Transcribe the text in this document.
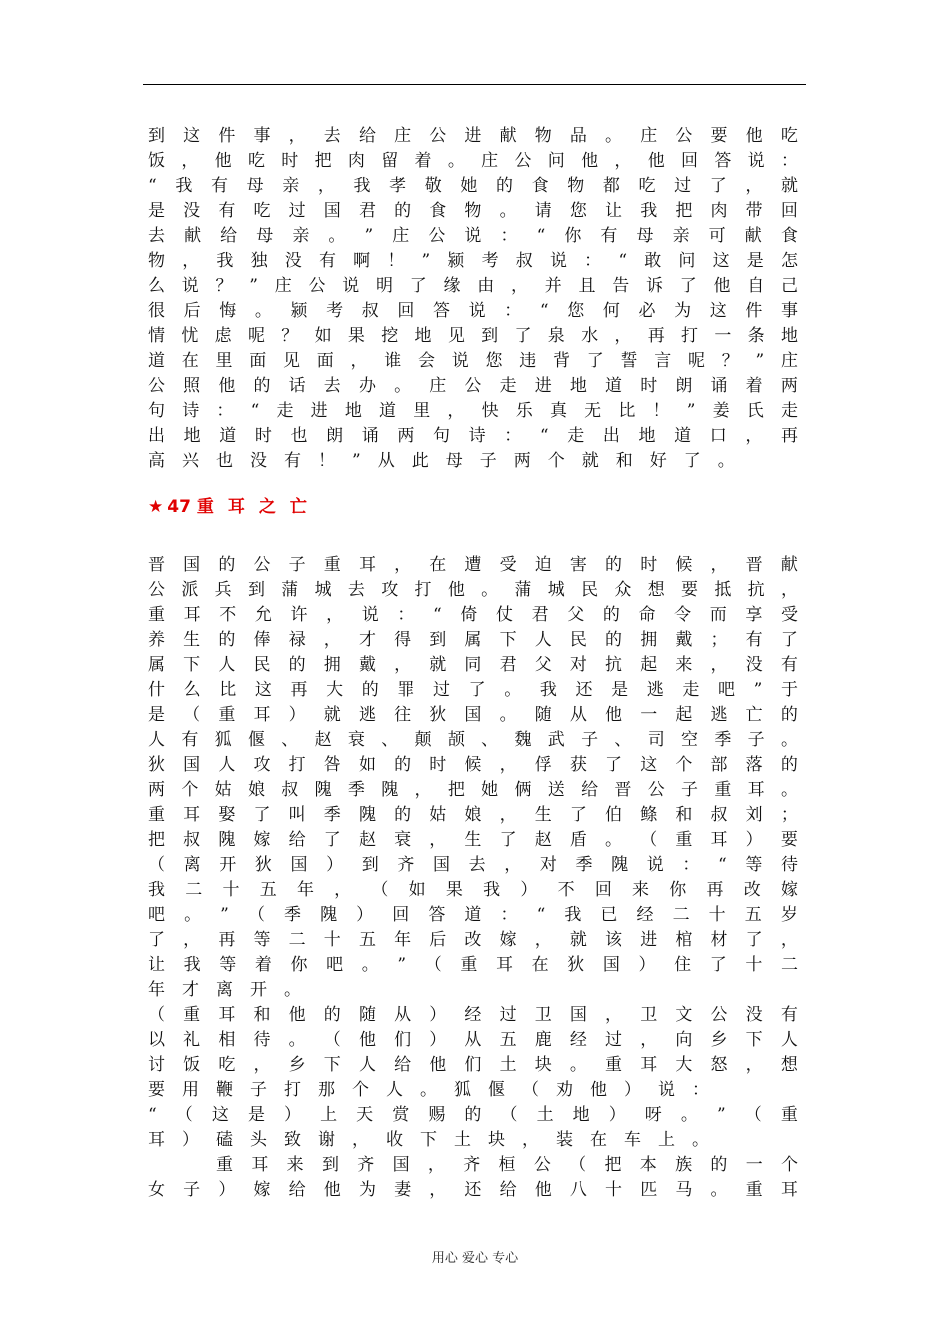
到 这 件 事 ， 去 给 庄 公 进 献 物 品 。 庄 公 要 他 吃
饭 ， 他 吃 时 把 肉 留 着 。 庄 公 问 他 ， 他 回 答 说 ：
“ 我 有 母 亲 ， 我 孝 敬 她 的 食 物 都 吃 过 了 ， 就
是 没 有 吃 过 国 君 的 食 物 。 请 您 让 我 把 肉 带 回
去 献 给 母 亲 。 ” 庄 公 说 ： “ 你 有 母 亲 可 献 食
物 ， 我 独 没 有 啊 ！ ” 颍 考 叔 说 ： “ 敢 问 这 是 怎
么 说 ？ ” 庄 公 说 明 了 缘 由 ， 并 且 告 诉 了 他 自 己
很 后 悔 。 颍 考 叔 回 答 说 ： “ 您 何 必 为 这 件 事
情 忧 虑 呢 ？ 如 果 挖 地 见 到 了 泉 水 ， 再 打 一 条 地
道 在 里 面 见 面 ， 谁 会 说 您 违 背 了 誓 言 呢 ？ ” 庄
公 照 他 的 话 去 办 。 庄 公 走 进 地 道 时 朗 诵 着 两
句 诗 ： “ 走 进 地 道 里 ， 快 乐 真 无 比 ！ ” 姜 氏 走
出 地 道 时 也 朗 诵 两 句 诗 ： “ 走 出 地 道 口 ， 再
高 兴 也 没 有 ！ ” 从 此 母 子 两 个 就 和 好 了 。
★ 47 重耳之亡
晋 国 的 公 子 重 耳 ， 在 遭 受 迫 害 的 时 候 ， 晋 献
公 派 兵 到 蒲 城 去 攻 打 他 。 蒲 城 民 众 想 要 抵 抗 ，
重 耳 不 允 许 ， 说 ： “ 倚 仗 君 父 的 命 令 而 享 受
养 生 的 俸 禄 ， 才 得 到 属 下 人 民 的 拥 戴 ； 有 了
属 下 人 民 的 拥 戴 ， 就 同 君 父 对 抗 起 来 ， 没 有
什 么 比 这 再 大 的 罪 过 了 。 我 还 是 逃 走 吧 ” 于
是 （ 重 耳 ） 就 逃 往 狄 国 。 随 从 他 一 起 逃 亡 的
人 有 狐 偃 、 赵 衰 、 颠 颉 、 魏 武 子 、 司 空 季 子 。
狄 国 人 攻 打 咎 如 的 时 候 ， 俘 获 了 这 个 部 落 的
两 个 姑 娘 叔 隗 季 隗 ， 把 她 俩 送 给 晋 公 子 重 耳 。
重 耳 娶 了 叫 季 隗 的 姑 娘 ， 生 了 伯 鲦 和 叔 刘 ；
把 叔 隗 嫁 给 了 赵 衰 ， 生 了 赵 盾 。 （ 重 耳 ） 要
（ 离 开 狄 国 ） 到 齐 国 去 ， 对 季 隗 说 ： “ 等 待
我 二 十 五 年 ， （ 如 果 我 ） 不 回 来 你 再 改 嫁
吧 。 ” （ 季 隗 ） 回 答 道 ： “ 我 已 经 二 十 五 岁
了 ， 再 等 二 十 五 年 后 改 嫁 ， 就 该 进 棺 材 了 ，
让 我 等 着 你 吧 。 ” （ 重 耳 在 狄 国 ） 住 了 十 二
年 才 离 开 。
（ 重 耳 和 他 的 随 从 ） 经 过 卫 国 ， 卫 文 公 没 有
以 礼 相 待 。 （ 他 们 ） 从 五 鹿 经 过 ， 向 乡 下 人
讨 饭 吃 ， 乡 下 人 给 他 们 土 块 。 重 耳 大 怒 ， 想
要 用 鞭 子 打 那 个 人 。 狐 偃 （ 劝 他 ） 说 ：
“ （ 这 是 ） 上 天 赏 赐 的 （ 土 地 ） 呀 。 ” （ 重
耳 ） 磕 头 致 谢 ， 收 下 土 块 ， 装 在 车 上 。
重 耳 来 到 齐 国 ， 齐 桓 公 （ 把 本 族 的 一 个
女 子 ） 嫁 给 他 为 妻 ， 还 给 他 八 十 匹 马 。 重 耳
用心 爱心 专心
